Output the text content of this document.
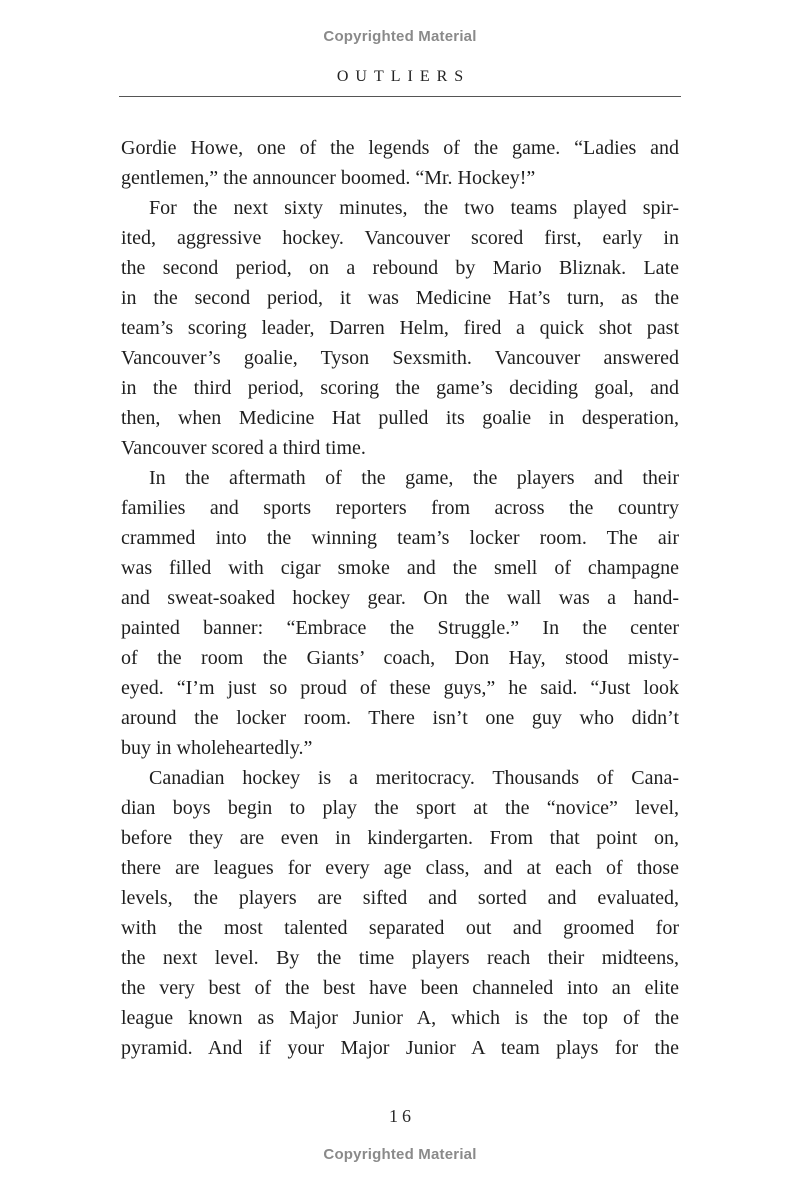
Copyrighted Material
OUTLIERS
Gordie Howe, one of the legends of the game. “Ladies and
gentlemen,” the announcer boomed. “Mr. Hockey!”
For the next sixty minutes, the two teams played spir-
ited, aggressive hockey. Vancouver scored first, early in
the second period, on a rebound by Mario Bliznak. Late
in the second period, it was Medicine Hat’s turn, as the
team’s scoring leader, Darren Helm, fired a quick shot past
Vancouver’s goalie, Tyson Sexsmith. Vancouver answered
in the third period, scoring the game’s deciding goal, and
then, when Medicine Hat pulled its goalie in desperation,
Vancouver scored a third time.
In the aftermath of the game, the players and their
families and sports reporters from across the country
crammed into the winning team’s locker room. The air
was filled with cigar smoke and the smell of champagne
and sweat-soaked hockey gear. On the wall was a hand-
painted banner: “Embrace the Struggle.” In the center
of the room the Giants’ coach, Don Hay, stood misty-
eyed. “I’m just so proud of these guys,” he said. “Just look
around the locker room. There isn’t one guy who didn’t
buy in wholeheartedly.”
Canadian hockey is a meritocracy. Thousands of Cana-
dian boys begin to play the sport at the “novice” level,
before they are even in kindergarten. From that point on,
there are leagues for every age class, and at each of those
levels, the players are sifted and sorted and evaluated,
with the most talented separated out and groomed for
the next level. By the time players reach their midteens,
the very best of the best have been channeled into an elite
league known as Major Junior A, which is the top of the
pyramid. And if your Major Junior A team plays for the
16
Copyrighted Material
